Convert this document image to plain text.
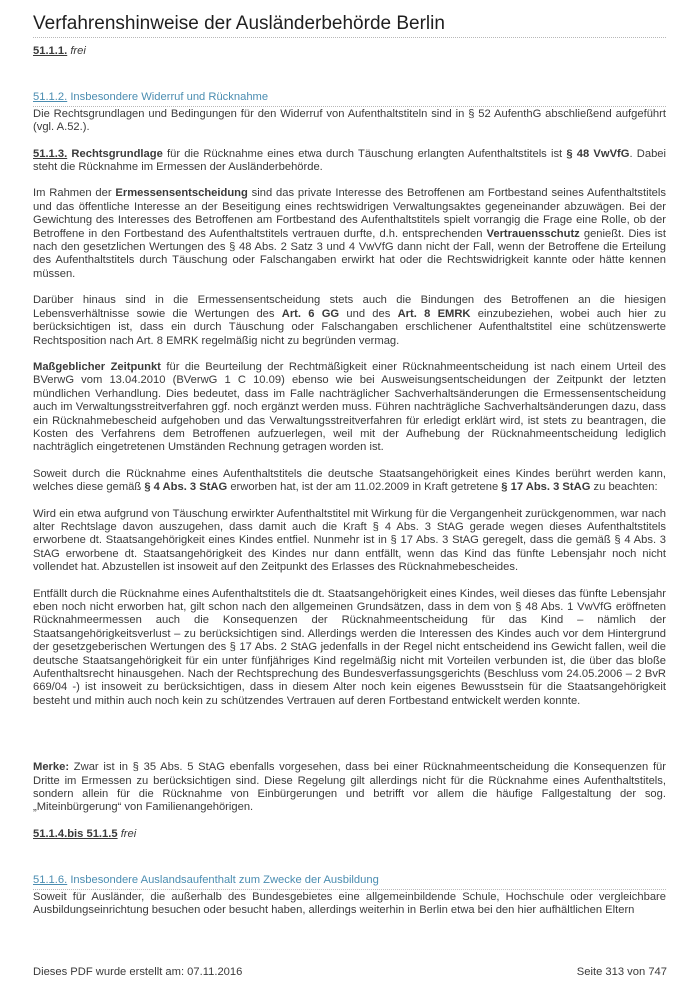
Verfahrenshinweise der Ausländerbehörde Berlin

51.1.1. frei

51.1.2. Insbesondere Widerruf und Rücknahme

Die Rechtsgrundlagen und Bedingungen für den Widerruf von Aufenthaltstiteln sind in § 52 AufenthG abschließend aufgeführt (vgl. A.52.).

51.1.3. Rechtsgrundlage für die Rücknahme eines etwa durch Täuschung erlangten Aufenthaltstitels ist § 48 VwVfG. Dabei steht die Rücknahme im Ermessen der Ausländerbehörde.

Im Rahmen der Ermessensentscheidung sind das private Interesse des Betroffenen am Fortbestand seines Aufenthaltstitels und das öffentliche Interesse an der Beseitigung eines rechtswidrigen Verwaltungsaktes gegeneinander abzuwägen. Bei der Gewichtung des Interesses des Betroffenen am Fortbestand des Aufenthaltstitels spielt vorrangig die Frage eine Rolle, ob der Betroffene in den Fortbestand des Aufenthaltstitels vertrauen durfte, d.h. entsprechenden Vertrauensschutz genießt. Dies ist nach den gesetzlichen Wertungen des § 48 Abs. 2 Satz 3 und 4 VwVfG dann nicht der Fall, wenn der Betroffene die Erteilung des Aufenthaltstitels durch Täuschung oder Falschangaben erwirkt hat oder die Rechtswidrigkeit kannte oder hätte kennen müssen.

Darüber hinaus sind in die Ermessensentscheidung stets auch die Bindungen des Betroffenen an die hiesigen Lebensverhältnisse sowie die Wertungen des Art. 6 GG und des Art. 8 EMRK einzubeziehen, wobei auch hier zu berücksichtigen ist, dass ein durch Täuschung oder Falschangaben erschlichener Aufenthaltstitel eine schützenswerte Rechtsposition nach Art. 8 EMRK regelmäßig nicht zu begründen vermag.

Maßgeblicher Zeitpunkt für die Beurteilung der Rechtmäßigkeit einer Rücknahmeentscheidung ist nach einem Urteil des BVerwG vom 13.04.2010 (BVerwG 1 C 10.09) ebenso wie bei Ausweisungsentscheidungen der Zeitpunkt der letzten mündlichen Verhandlung. Dies bedeutet, dass im Falle nachträglicher Sachverhaltsänderungen die Ermessensentscheidung auch im Verwaltungsstreitverfahren ggf. noch ergänzt werden muss. Führen nachträgliche Sachverhaltsänderungen dazu, dass ein Rücknahmebescheid aufgehoben und das Verwaltungsstreitverfahren für erledigt erklärt wird, ist stets zu beantragen, die Kosten des Verfahrens dem Betroffenen aufzuerlegen, weil mit der Aufhebung der Rücknahmeentscheidung lediglich nachträglich eingetretenen Umständen Rechnung getragen worden ist.

Soweit durch die Rücknahme eines Aufenthaltstitels die deutsche Staatsangehörigkeit eines Kindes berührt werden kann, welches diese gemäß § 4 Abs. 3 StAG erworben hat, ist der am 11.02.2009 in Kraft getretene § 17 Abs. 3 StAG zu beachten:

Wird ein etwa aufgrund von Täuschung erwirkter Aufenthaltstitel mit Wirkung für die Vergangenheit zurückgenommen, war nach alter Rechtslage davon auszugehen, dass damit auch die Kraft § 4 Abs. 3 StAG gerade wegen dieses Aufenthaltstitels erworbene dt. Staatsangehörigkeit eines Kindes entfiel. Nunmehr ist in § 17 Abs. 3 StAG geregelt, dass die gemäß § 4 Abs. 3 StAG erworbene dt. Staatsangehörigkeit des Kindes nur dann entfällt, wenn das Kind das fünfte Lebensjahr noch nicht vollendet hat. Abzustellen ist insoweit auf den Zeitpunkt des Erlasses des Rücknahmebescheides.

Entfällt durch die Rücknahme eines Aufenthaltstitels die dt. Staatsangehörigkeit eines Kindes, weil dieses das fünfte Lebensjahr eben noch nicht erworben hat, gilt schon nach den allgemeinen Grundsätzen, dass in dem von § 48 Abs. 1 VwVfG eröffneten Rücknahmeermessen auch die Konsequenzen der Rücknahmeentscheidung für das Kind – nämlich der Staatsangehörigkeitsverlust – zu berücksichtigen sind. Allerdings werden die Interessen des Kindes auch vor dem Hintergrund der gesetzgeberischen Wertungen des § 17 Abs. 2 StAG jedenfalls in der Regel nicht entscheidend ins Gewicht fallen, weil die deutsche Staatsangehörigkeit für ein unter fünfjähriges Kind regelmäßig nicht mit Vorteilen verbunden ist, die über das bloße Aufenthaltsrecht hinausgehen. Nach der Rechtsprechung des Bundesverfassungsgerichts (Beschluss vom 24.05.2006 – 2 BvR 669/04 -) ist insoweit zu berücksichtigen, dass in diesem Alter noch kein eigenes Bewusstsein für die Staatsangehörigkeit besteht und mithin auch noch kein zu schützendes Vertrauen auf deren Fortbestand entwickelt werden konnte.

Merke: Zwar ist in § 35 Abs. 5 StAG ebenfalls vorgesehen, dass bei einer Rücknahmeentscheidung die Konsequenzen für Dritte im Ermessen zu berücksichtigen sind. Diese Regelung gilt allerdings nicht für die Rücknahme eines Aufenthaltstitels, sondern allein für die Rücknahme von Einbürgerungen und betrifft vor allem die häufige Fallgestaltung der sog. „Miteinbürgerung“ von Familienangehörigen.

51.1.4.bis 51.1.5 frei

51.1.6. Insbesondere Auslandsaufenthalt zum Zwecke der Ausbildung

Soweit für Ausländer, die außerhalb des Bundesgebietes eine allgemeinbildende Schule, Hochschule oder vergleichbare Ausbildungseinrichtung besuchen oder besucht haben, allerdings weiterhin in Berlin etwa bei den hier aufhältlichen Eltern

Dieses PDF wurde erstellt am: 07.11.2016	Seite 313 von 747
